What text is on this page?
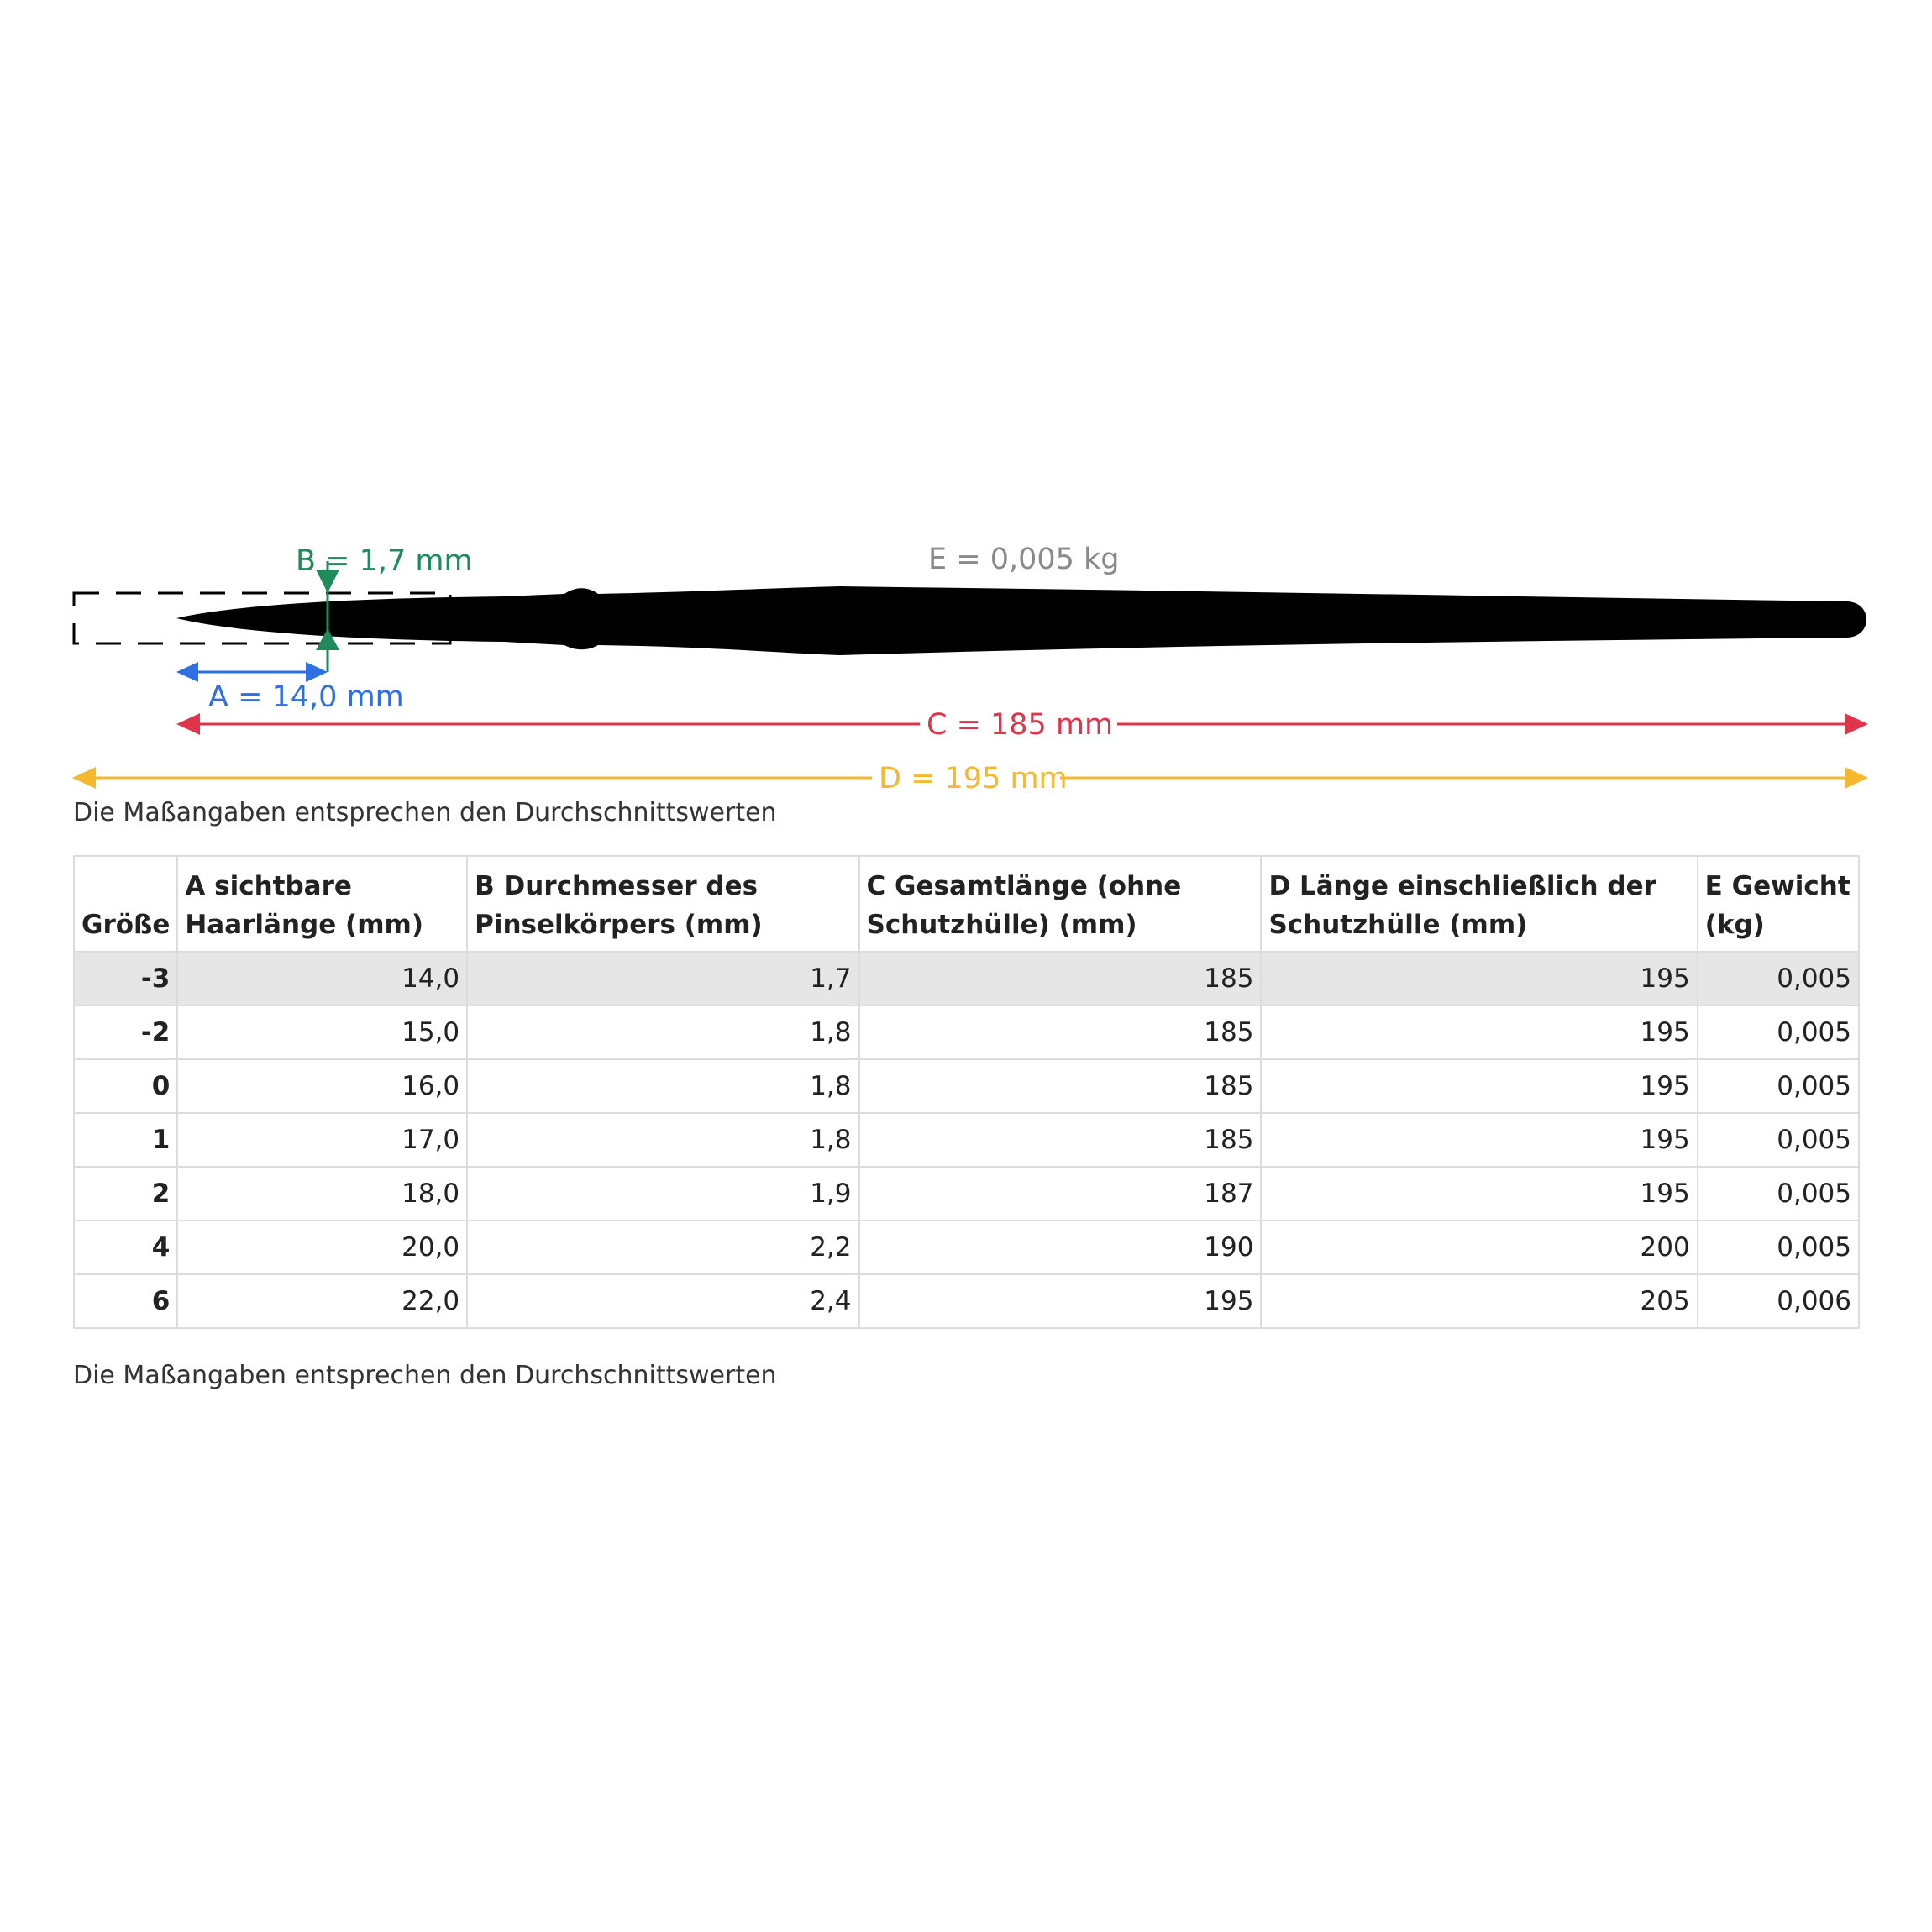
B = 1,7 mm	E = 0,005 kg
A = 14,0 mm
C = 185 mm
D = 195 mm
Die Maßangaben entsprechen den Durchschnittswerten
Größe	A sichtbare Haarlänge (mm)	B Durchmesser des Pinselkörpers (mm)	C Gesamtlänge (ohne Schutzhülle) (mm)	D Länge einschließlich der Schutzhülle (mm)	E Gewicht (kg)
-3	14,0	1,7	185	195	0,005
-2	15,0	1,8	185	195	0,005
0	16,0	1,8	185	195	0,005
1	17,0	1,8	185	195	0,005
2	18,0	1,9	187	195	0,005
4	20,0	2,2	190	200	0,005
6	22,0	2,4	195	205	0,006
Die Maßangaben entsprechen den Durchschnittswerten
